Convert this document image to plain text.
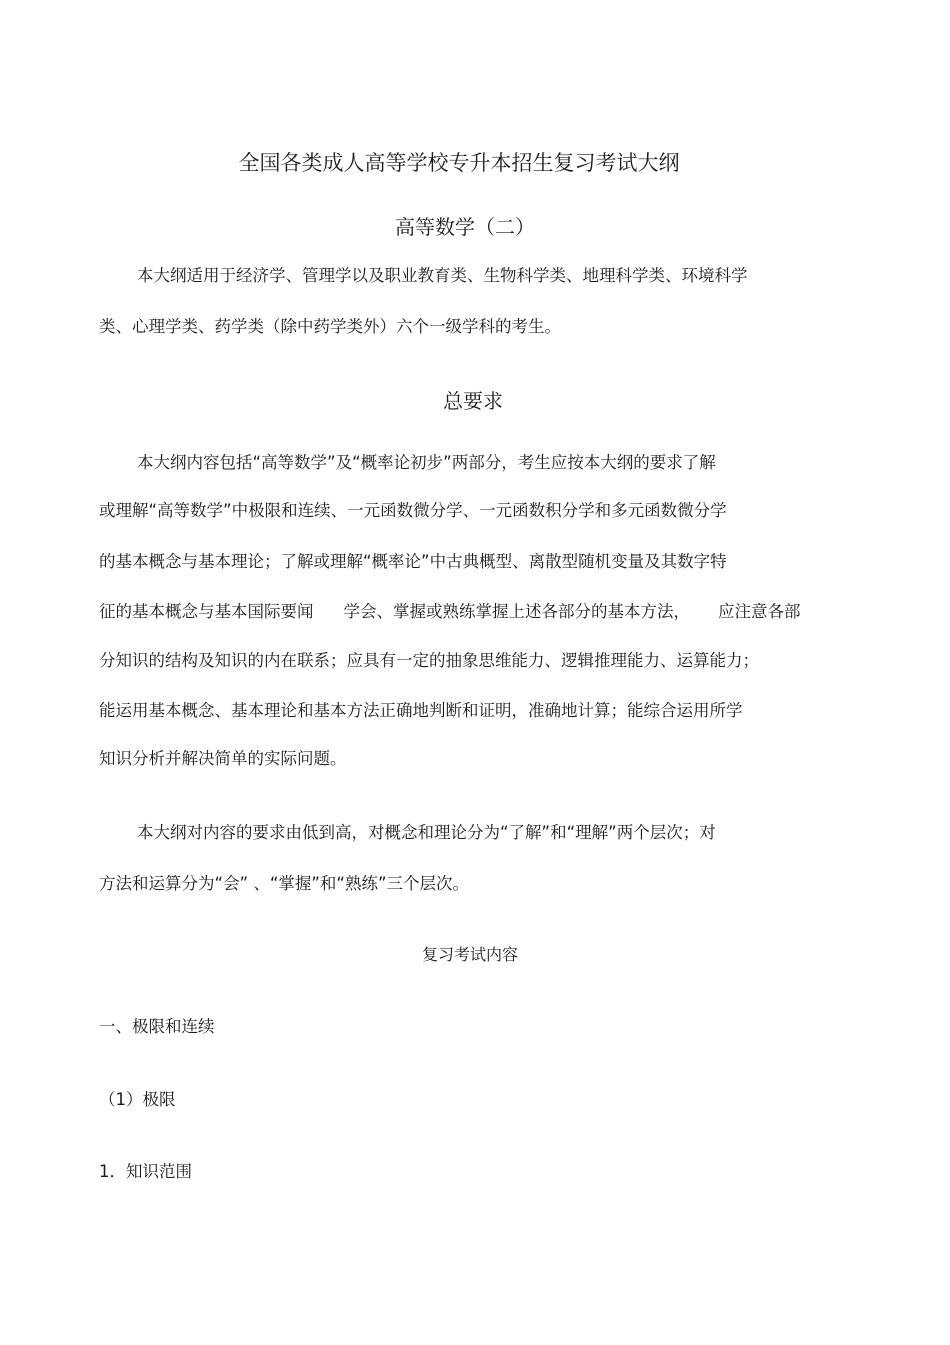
全国各类成人高等学校专升本招生复习考试大纲
高等数学（二）
本大纲适用于经济学、管理学以及职业教育类、生物科学类、地理科学类、环境科学
类、心理学类、药学类（除中药学类外）六个一级学科的考生。
总要求
本大纲内容包括“高等数学”及“概率论初步”两部分，考生应按本大纲的要求了解
或理解“高等数学”中极限和连续、一元函数微分学、一元函数积分学和多元函数微分学
的基本概念与基本理论；了解或理解“概率论”中古典概型、离散型随机变量及其数字特
征的基本概念与基本国际要闻 学会、掌握或熟练掌握上述各部分的基本方法， 应注意各部
分知识的结构及知识的内在联系；应具有一定的抽象思维能力、逻辑推理能力、运算能力；
能运用基本概念、基本理论和基本方法正确地判断和证明，准确地计算；能综合运用所学
知识分析并解决简单的实际问题。
本大纲对内容的要求由低到高，对概念和理论分为“了解”和“理解”两个层次；对
方法和运算分为“会” 、“掌握”和“熟练”三个层次。
复习考试内容
一、极限和连续
（1）极限
1．知识范围
